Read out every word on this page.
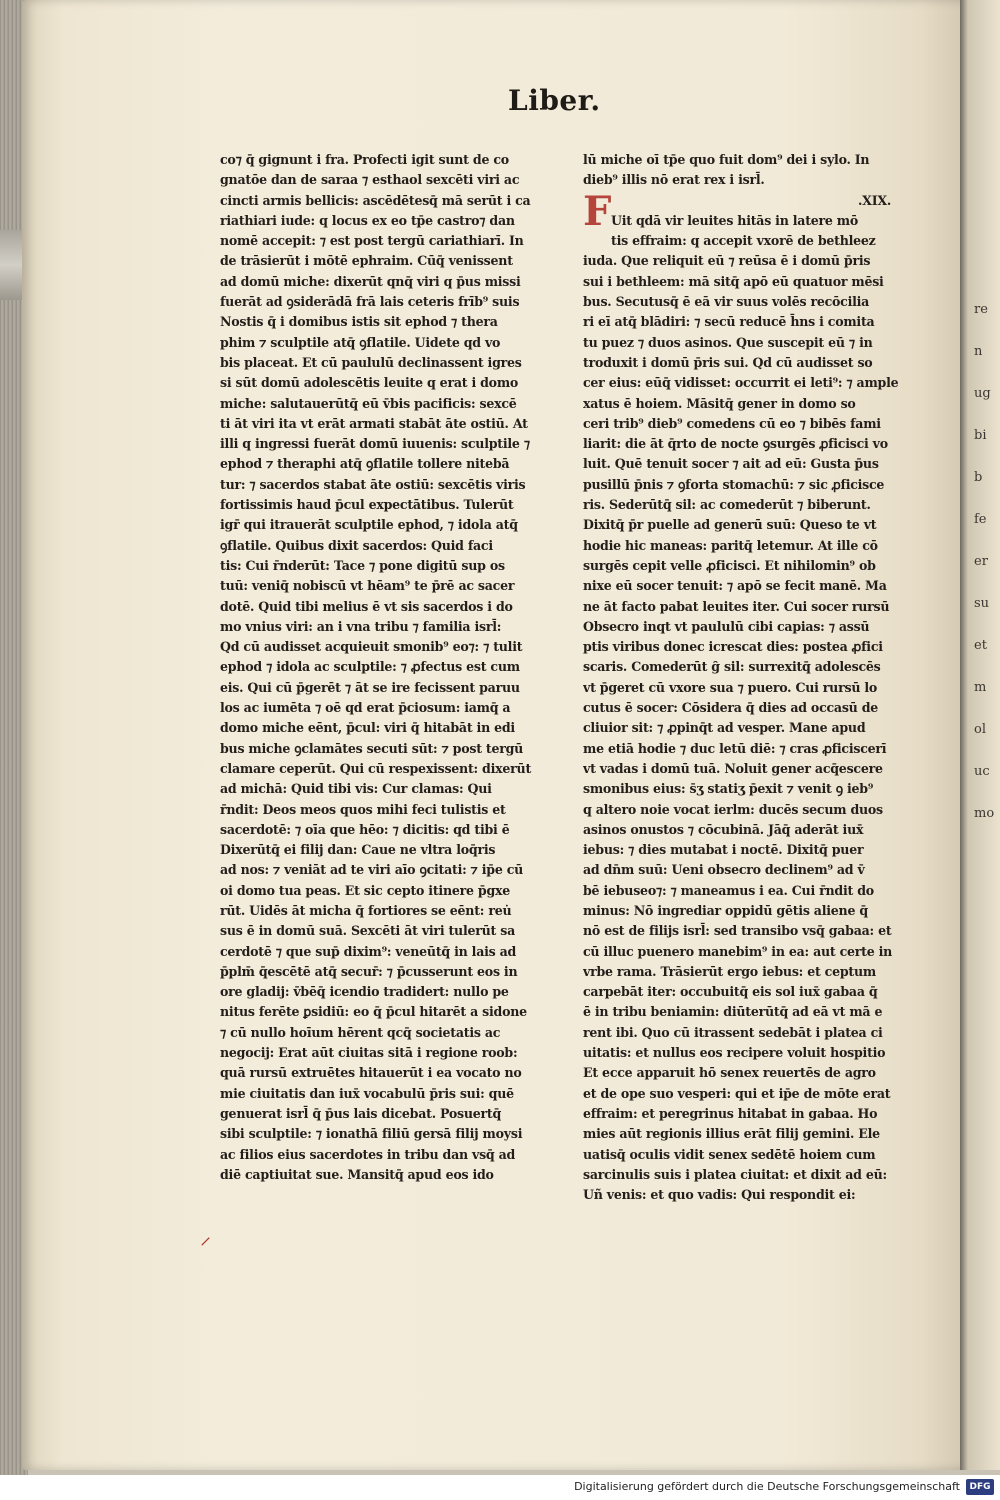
re
n
ug
bi
b
fe
er
su
et
m
ol
uc
mo
Liber.
co⁊ q̄ gignunt i fra. Profecti igit sunt de co
gnatōe dan de saraa ⁊ esthaol sexcēti viri ac
cincti armis bellicis: ascēdētesq̄ mā serūt i ca
riathiari iude: q locus ex eo tp̄e castro⁊ dan
nomē accepit: ⁊ est post tergū cariathiarī. In
de trāsierūt i mōtē ephraim. Cūq̄ venissent
ad domū miche: dixerūt qnq̄ viri q p̄us missi
fuerāt ad ꝯsiderādā frā lais ceteris frīb⁹ suis
Nostis q̄ i domibus istis sit ephod ⁊ thera
phim ⁊ sculptile atq̄ ꝯflatile. Uidete qd vo
bis placeat. Et cū paululū declinassent igres
si sūt domū adolescētis leuite q erat i domo
miche: salutauerūtq̄ eū v̄bis pacificis: sexcē
ti āt viri ita vt erāt armati stabāt āte ostiū. At
illi q ingressi fuerāt domū iuuenis: sculptile ⁊
ephod ⁊ theraphi atq̄ ꝯflatile tollere nitebā
tur: ⁊ sacerdos stabat āte ostiū: sexcētis viris
fortissimis haud p̄cul expectātibus. Tulerūt
igr̄ qui itrauerāt sculptile ephod, ⁊ idola atq̄
ꝯflatile. Quibus dixit sacerdos: Quid faci
tis: Cui r̄nderūt: Tace ⁊ pone digitū sup os
tuū: veniq̄ nobiscū vt hēam⁹ te p̄rē ac sacer
dotē. Quid tibi melius ē vt sis sacerdos i do
mo vnius viri: an i vna tribu ⁊ familia isrl̄:
Qd cū audisset acquieuit smonib⁹ eo⁊: ⁊ tulit
ephod ⁊ idola ac sculptile: ⁊ ꝓfectus est cum
eis. Qui cū p̄gerēt ⁊ āt se ire fecissent paruu
los ac iumēta ⁊ oē qd erat p̄ciosum: iamq̄ a
domo miche eēnt, p̄cul: viri q̄ hitabāt in edi
bus miche ꝯclamātes secuti sūt: ⁊ post tergū
clamare ceperūt. Qui cū respexissent: dixerūt
ad michā: Quid tibi vis: Cur clamas: Qui
r̄ndit: Deos meos quos mihi feci tulistis et
sacerdotē: ⁊ oīa que hēo: ⁊ dicitis: qd tibi ē
Dixerūtq̄ ei filij dan: Caue ne vltra loq̄ris
ad nos: ⁊ veniāt ad te viri aīo ꝯcitati: ⁊ ip̄e cū
oi domo tua peas. Et sic cepto itinere p̄gxe
rūt. Uidēs āt micha q̄ fortiores se eēnt: reu̇
sus ē in domū suā. Sexcēti āt viri tulerūt sa
cerdotē ⁊ que sup̄ dixim⁹: veneūtq̄ in lais ad
p̄plm̄ q̄escētē atq̄ secur̄: ⁊ p̄cusserunt eos in
ore gladij: v̄bēq̄ icendio tradidert: nullo pe
nitus ferēte ꝑsidiū: eo q̄ p̄cul hitarēt a sidone
⁊ cū nullo hoīum hērent qcq̄ societatis ac
negocij: Erat aūt ciuitas sitā i regione roob:
quā rursū extruētes hitauerūt i ea vocato no
mie ciuitatis dan iux̄ vocabulū p̄ris sui: quē
genuerat isrl̄ q̄ p̄us lais dicebat. Posuertq̄
sibi sculptile: ⁊ ionathā filiū gersā filij moysi
ac filios eius sacerdotes in tribu dan vsq̄ ad
diē captiuitat sue. Mansitq̄ apud eos ido
lū miche oī tp̄e quo fuit dom⁹ dei i sylo. In
dieb⁹ illis nō erat rex i isrl̄.
.XIX.
Uit qdā vir leuites hitās in latere mō
tis effraim: q accepit vxorē de bethleez
iuda. Que reliquit eū ⁊ reūsa ē i domū p̄ris
sui i bethleem: mā sitq̄ apō eū quatuor mēsi
bus. Secutusq̄ ē eā vir suus volēs recōcilia
ri eī atq̄ blādiri: ⁊ secū reducē h̄ns i comita
tu puez ⁊ duos asinos. Que suscepit eū ⁊ in
troduxit i domū p̄ris sui. Qd cū audisset so
cer eius: eūq̄ vidisset: occurrit ei leti⁹: ⁊ ample
xatus ē hoiem. Māsitq̄ gener in domo so
ceri trib⁹ dieb⁹ comedens cū eo ⁊ bibēs fami
liarit: die āt q̄rto de nocte ꝯsurgēs ꝓficisci vo
luit. Quē tenuit socer ⁊ ait ad eū: Gusta p̄us
pusillū p̄nis ⁊ ꝯforta stomachū: ⁊ sic ꝓficisce
ris. Sederūtq̄ sil: ac comederūt ⁊ biberunt.
Dixitq̄ p̄r puelle ad generū suū: Queso te vt
hodie hic maneas: paritq̄ letemur. At ille cō
surgēs cepit velle ꝓficisci. Et nihilomin⁹ ob
nixe eū socer tenuit: ⁊ apō se fecit manē. Ma
ne āt facto pabat leuites iter. Cui socer rursū
Obsecro inqt vt paululū cibi capias: ⁊ assū
ptis viribus donec icrescat dies: postea ꝓfici
scaris. Comederūt g̑ sil: surrexitq̄ adolescēs
vt p̄geret cū vxore sua ⁊ puero. Cui rursū lo
cutus ē socer: Cōsidera q̄ dies ad occasū de
cliuior sit: ⁊ ꝓpinq̄t ad vesper. Mane apud
me etiā hodie ⁊ duc letū diē: ⁊ cras ꝓficiscerī
vt vadas i domū tuā. Noluit gener acq̄escere
smonibus eius: s̄ʒ statiʒ p̄exit ⁊ venit ꝯ ieb⁹
q altero noie vocat ierlm: ducēs secum duos
asinos onustos ⁊ cōcubinā. Jāq̄ aderāt iux̄
iebus: ⁊ dies mutabat i noctē. Dixitq̄ puer
ad dn̄m suū: Ueni obsecro declinem⁹ ad v̄
bē iebuseo⁊: ⁊ maneamus i ea. Cui r̄ndit do
minus: Nō ingrediar oppidū gētis aliene q̄
nō est de filijs isrl̄: sed transibo vsq̄ gabaa: et
cū illuc puenero manebim⁹ in ea: aut certe in
vrbe rama. Trāsierūt ergo iebus: et ceptum
carpebāt iter: occubuitq̄ eis sol iux̄ gabaa q̄
ē in tribu beniamin: diūterūtq̄ ad eā vt mā e
rent ibi. Quo cū itrassent sedebāt i platea ci
uitatis: et nullus eos recipere voluit hospitio
Et ecce apparuit hō senex reuertēs de agro
et de ope suo vesperi: qui et ip̄e de mōte erat
effraim: et peregrinus hitabat in gabaa. Ho
mies aūt regionis illius erāt filij gemini. Ele
uatisq̄ oculis vidit senex sedētē hoiem cum
sarcinulis suis i platea ciuitat: et dixit ad eū:
Uñ venis: et quo vadis: Qui respondit ei:
F
⸍
Digitalisierung gefördert durch die Deutsche Forschungsgemeinschaft	DFG
